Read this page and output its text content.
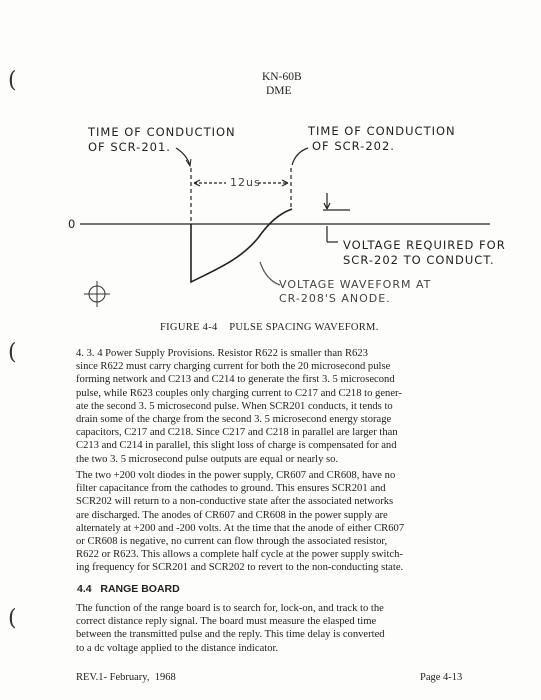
(
(
(
KN-60B
DME
TIME OF CONDUCTION
OF SCR-201.
TIME OF CONDUCTION
OF SCR-202.
12us
0
VOLTAGE REQUIRED FOR
SCR-202 TO CONDUCT.
VOLTAGE WAVEFORM AT
CR-208'S ANODE.
FIGURE 4-4    PULSE SPACING WAVEFORM.
4. 3. 4 Power Supply Provisions. Resistor R622 is smaller than R623
since R622 must carry charging current for both the 20 microsecond pulse
forming network and C213 and C214 to generate the first 3. 5 microsecond
pulse, while R623 couples only charging current to C217 and C218 to gener-
ate the second 3. 5 microsecond pulse. When SCR201 conducts, it tends to
drain some of the charge from the second 3. 5 microsecond energy storage
capacitors, C217 and C218. Since C217 and C218 in parallel are larger than
C213 and C214 in parallel, this slight loss of charge is compensated for and
the two 3. 5 microsecond pulse outputs are equal or nearly so.
The two +200 volt diodes in the power supply, CR607 and CR608, have no
filter capacitance from the cathodes to ground. This ensures SCR201 and
SCR202 will return to a non-conductive state after the associated networks
are discharged. The anodes of CR607 and CR608 in the power supply are
alternately at +200 and -200 volts. At the time that the anode of either CR607
or CR608 is negative, no current can flow through the associated resistor,
R622 or R623. This allows a complete half cycle at the power supply switch-
ing frequency for SCR201 and SCR202 to revert to the non-conducting state.
4.4 RANGE BOARD
The function of the range board is to search for, lock-on, and track to the
correct distance reply signal. The board must measure the elasped time
between the transmitted pulse and the reply. This time delay is converted
to a dc voltage applied to the distance indicator.
REV.1- February,  1968	Page 4-13
